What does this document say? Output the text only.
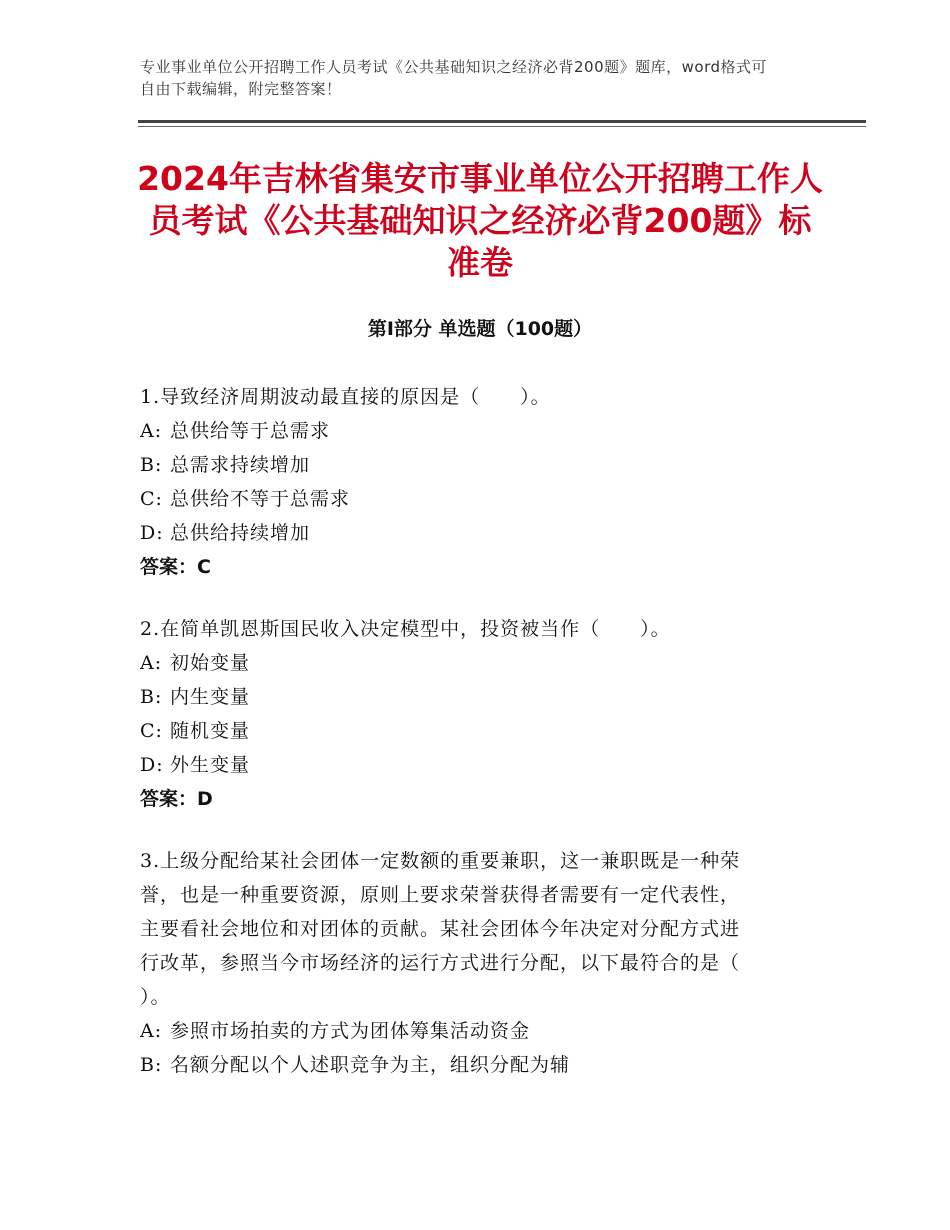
专业事业单位公开招聘工作人员考试《公共基础知识之经济必背200题》题库，word格式可自由下载编辑，附完整答案！
2024年吉林省集安市事业单位公开招聘工作人员考试《公共基础知识之经济必背200题》标准卷
第Ⅰ部分 单选题（100题）
1.导致经济周期波动最直接的原因是（　　）。
A: 总供给等于总需求
B: 总需求持续增加
C: 总供给不等于总需求
D: 总供给持续增加
答案：C
2.在简单凯恩斯国民收入决定模型中，投资被当作（　　）。
A: 初始变量
B: 内生变量
C: 随机变量
D: 外生变量
答案：D
3.上级分配给某社会团体一定数额的重要兼职，这一兼职既是一种荣
誉，也是一种重要资源，原则上要求荣誉获得者需要有一定代表性，
主要看社会地位和对团体的贡献。某社会团体今年决定对分配方式进
行改革，参照当今市场经济的运行方式进行分配，以下最符合的是（
）。
A: 参照市场拍卖的方式为团体筹集活动资金
B: 名额分配以个人述职竞争为主，组织分配为辅
